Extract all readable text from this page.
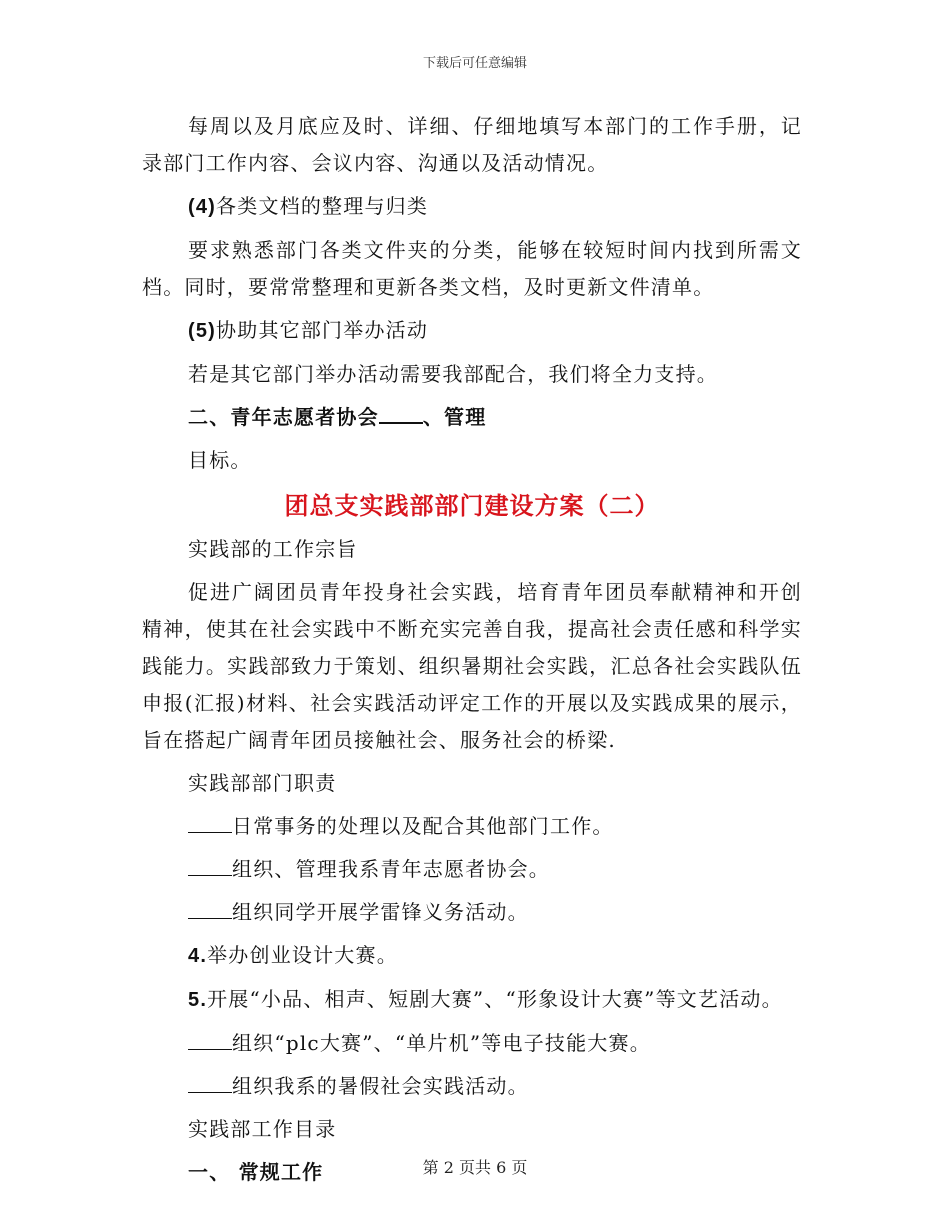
下载后可任意编辑

每周以及月底应及时、详细、仔细地填写本部门的工作手册，记录部门工作内容、会议内容、沟通以及活动情况。

(4)各类文档的整理与归类

要求熟悉部门各类文件夹的分类，能够在较短时间内找到所需文档。同时，要常常整理和更新各类文档，及时更新文件清单。

(5)协助其它部门举办活动

若是其它部门举办活动需要我部配合，我们将全力支持。

二、青年志愿者协会 、管理

目标。

团总支实践部部门建设方案（二）

实践部的工作宗旨

促进广阔团员青年投身社会实践，培育青年团员奉献精神和开创精神，使其在社会实践中不断充实完善自我，提高社会责任感和科学实践能力。实践部致力于策划、组织暑期社会实践，汇总各社会实践队伍申报(汇报)材料、社会实践活动评定工作的开展以及实践成果的展示，旨在搭起广阔青年团员接触社会、服务社会的桥梁.

实践部部门职责

日常事务的处理以及配合其他部门工作。

组织、管理我系青年志愿者协会。

组织同学开展学雷锋义务活动。

4.举办创业设计大赛。

5.开展“小品、相声、短剧大赛”、“形象设计大赛”等文艺活动。

组织“plc大赛”、“单片机”等电子技能大赛。

组织我系的暑假社会实践活动。

实践部工作目录

一、 常规工作	第 2 页共 6 页
